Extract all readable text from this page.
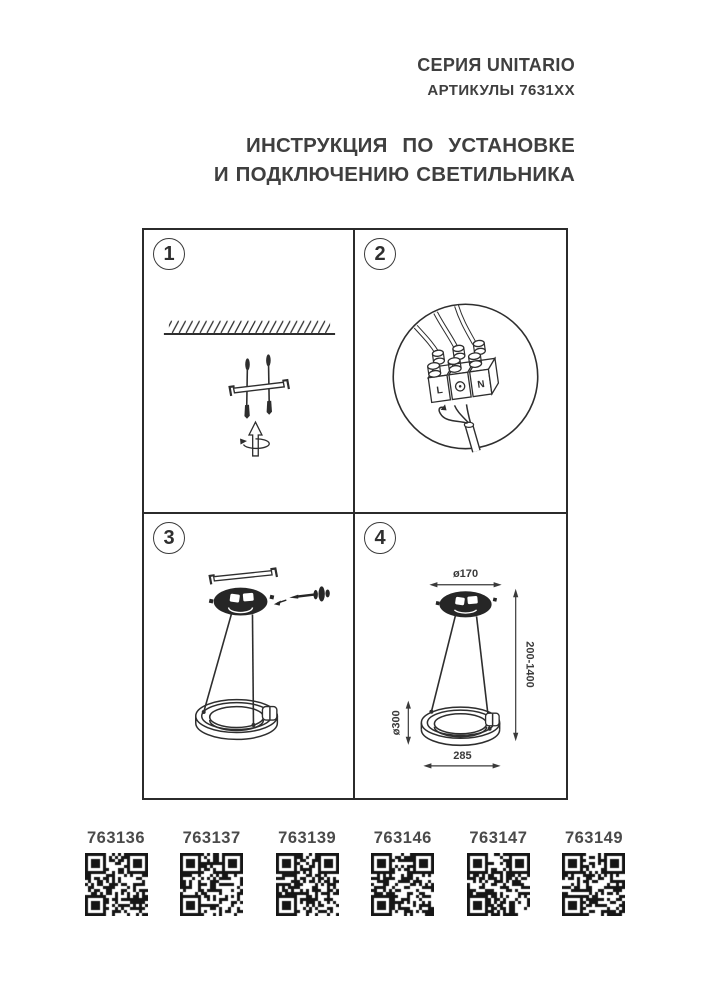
СЕРИЯ UNITARIO
АРТИКУЛЫ 7631XX
ИНСТРУКЦИЯ ПО УСТАНОВКЕ
И ПОДКЛЮЧЕНИЮ СВЕТИЛЬНИКА
1	2
L	N
3	4
ø170
200-1400
ø300
285
763136	763137	763139	763146	763147	763149
